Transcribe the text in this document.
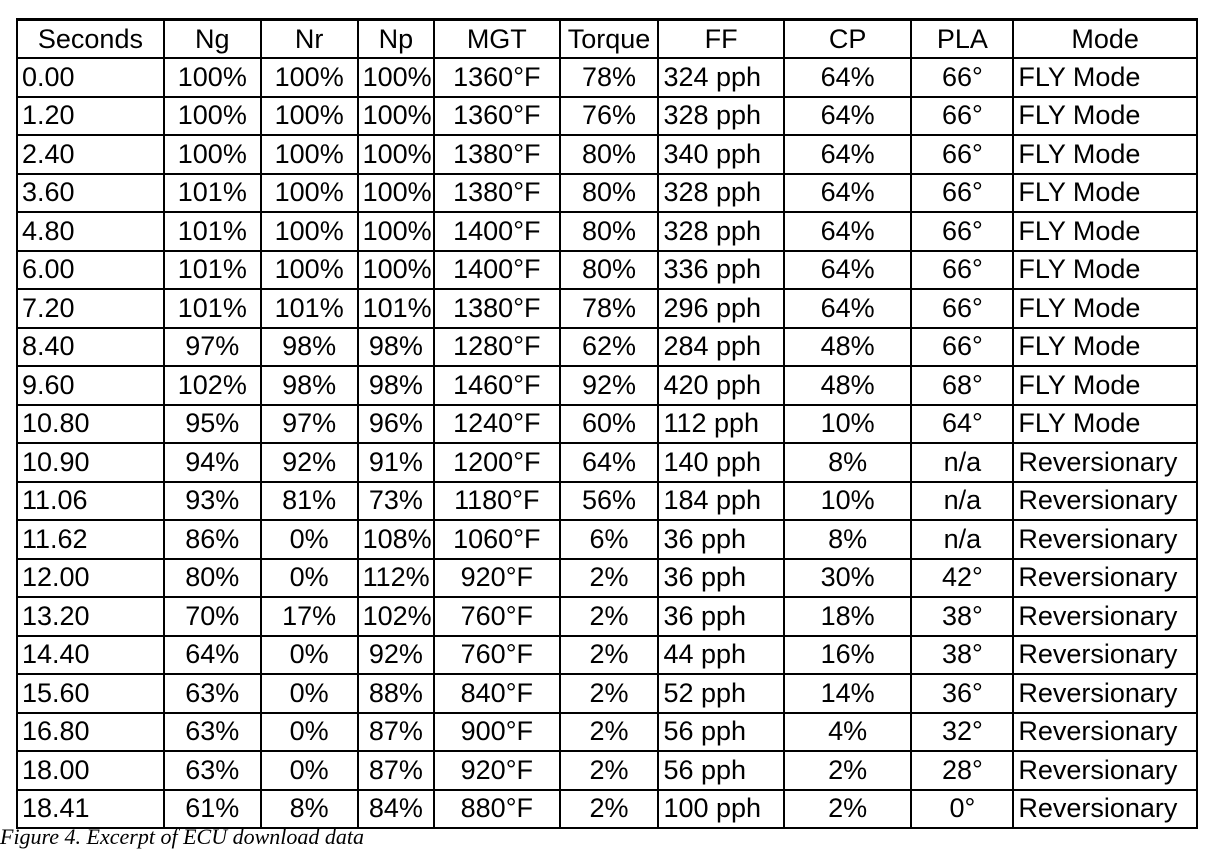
Seconds	Ng	Nr	Np	MGT	Torque	FF	CP	PLA	Mode
0.00	100%	100%	100%	1360°F	78%	324 pph	64%	66°	FLY Mode
1.20	100%	100%	100%	1360°F	76%	328 pph	64%	66°	FLY Mode
2.40	100%	100%	100%	1380°F	80%	340 pph	64%	66°	FLY Mode
3.60	101%	100%	100%	1380°F	80%	328 pph	64%	66°	FLY Mode
4.80	101%	100%	100%	1400°F	80%	328 pph	64%	66°	FLY Mode
6.00	101%	100%	100%	1400°F	80%	336 pph	64%	66°	FLY Mode
7.20	101%	101%	101%	1380°F	78%	296 pph	64%	66°	FLY Mode
8.40	97%	98%	98%	1280°F	62%	284 pph	48%	66°	FLY Mode
9.60	102%	98%	98%	1460°F	92%	420 pph	48%	68°	FLY Mode
10.80	95%	97%	96%	1240°F	60%	112 pph	10%	64°	FLY Mode
10.90	94%	92%	91%	1200°F	64%	140 pph	8%	n/a	Reversionary
11.06	93%	81%	73%	1180°F	56%	184 pph	10%	n/a	Reversionary
11.62	86%	0%	108%	1060°F	6%	36 pph	8%	n/a	Reversionary
12.00	80%	0%	112%	920°F	2%	36 pph	30%	42°	Reversionary
13.20	70%	17%	102%	760°F	2%	36 pph	18%	38°	Reversionary
14.40	64%	0%	92%	760°F	2%	44 pph	16%	38°	Reversionary
15.60	63%	0%	88%	840°F	2%	52 pph	14%	36°	Reversionary
16.80	63%	0%	87%	900°F	2%	56 pph	4%	32°	Reversionary
18.00	63%	0%	87%	920°F	2%	56 pph	2%	28°	Reversionary
18.41	61%	8%	84%	880°F	2%	100 pph	2%	0°	Reversionary
Figure 4. Excerpt of ECU download data
